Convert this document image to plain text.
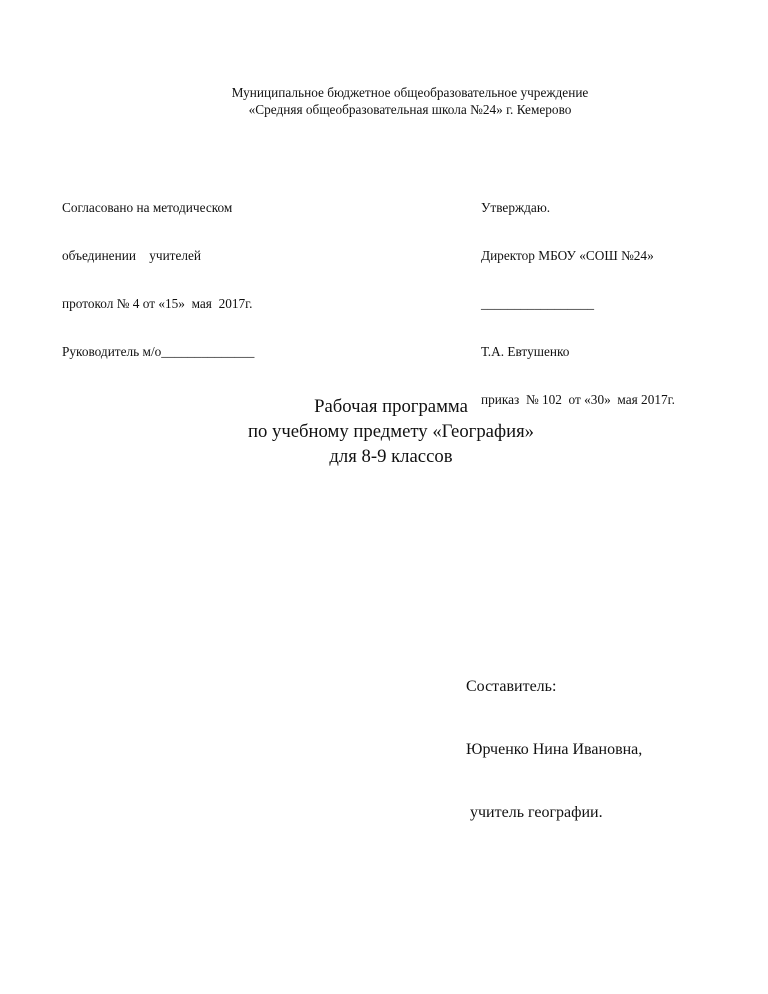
Муниципальное бюджетное общеобразовательное учреждение
«Средняя общеобразовательная школа №24» г. Кемерово

Согласовано на методическом

объединении    учителей

протокол № 4 от «15»  мая  2017г.

Руководитель м/о______________

Утверждаю.

Директор МБОУ «СОШ №24»

_________________

Т.А. Евтушенко

приказ  № 102  от «30»  мая 2017г.

Рабочая программа
по учебному предмету «География»
для 8-9 классов

Составитель:

Юрченко Нина Ивановна,

учитель географии.
